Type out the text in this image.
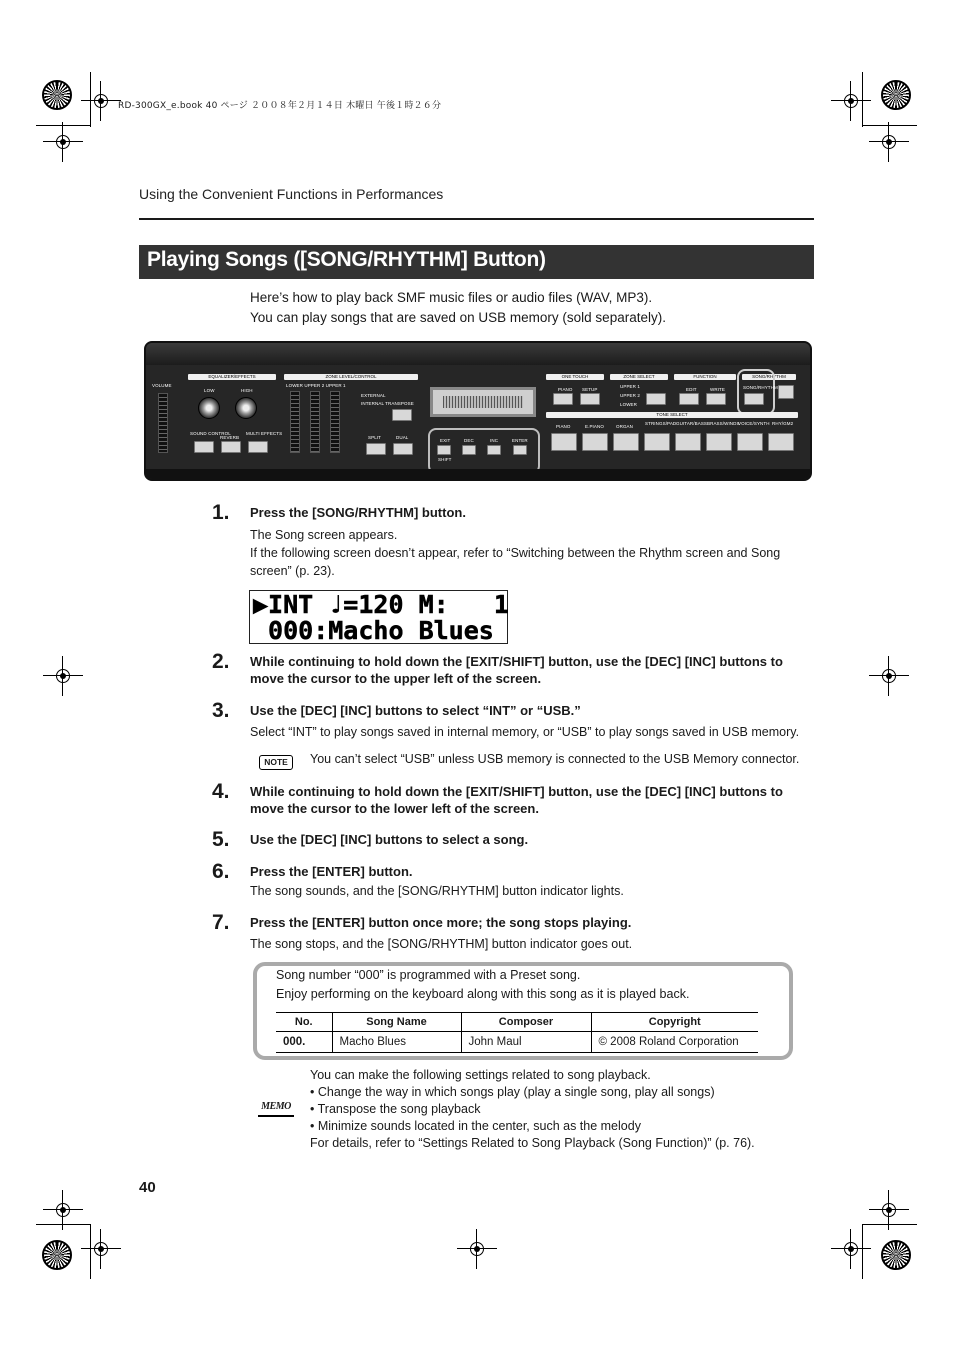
RD-300GX_e.book 40 ページ ２００８年２月１４日 木曜日 午後１時２６分
Using the Convenient Functions in Performances
Playing Songs ([SONG/RHYTHM] Button)
Here’s how to play back SMF music files or audio files (WAV, MP3).
You can play songs that are saved on USB memory (sold separately).
EQUALIZER/EFFECTS
VOLUME
LOW	HIGH
SOUND CONTROL
REVERB
MULTI EFFECTS
ZONE LEVEL/CONTROL
LOWER UPPER 2 UPPER 1
EXTERNAL
INTERNAL TRANSPOSE
SPLIT	DUAL
EXIT	DEC	INC	ENTER
SHIFT
ONE TOUCH
PIANO SETUP
ZONE SELECT
UPPER 1
UPPER 2
LOWER
FUNCTION
EDIT	WRITE
SONG/RHYTHM
SONG/RHYTHM
TONE SELECT
PIANO	E.PIANO	ORGAN
STRINGS/PAD GUITAR/BASS BRASS/WINDS
VOICE/SYNTH RHY/GM2
1. Press the [SONG/RHYTHM] button.
The Song screen appears.
If the following screen doesn’t appear, refer to “Switching between the Rhythm screen and Song screen” (p. 23).
▶INT ♩=120 M:   1
000:Macho Blues
2. While continuing to hold down the [EXIT/SHIFT] button, use the [DEC] [INC] buttons to move the cursor to the upper left of the screen.
3. Use the [DEC] [INC] buttons to select “INT” or “USB.”
Select “INT” to play songs saved in internal memory, or “USB” to play songs saved in USB memory.
NOTE	You can’t select “USB” unless USB memory is connected to the USB Memory connector.
4. While continuing to hold down the [EXIT/SHIFT] button, use the [DEC] [INC] buttons to move the cursor to the lower left of the screen.
5. Use the [DEC] [INC] buttons to select a song.
6. Press the [ENTER] button.
The song sounds, and the [SONG/RHYTHM] button indicator lights.
7. Press the [ENTER] button once more; the song stops playing.
The song stops, and the [SONG/RHYTHM] button indicator goes out.
Song number “000” is programmed with a Preset song.
Enjoy performing on the keyboard along with this song as it is played back.
No.	Song Name	Composer	Copyright
000.	Macho Blues	John Maul	© 2008 Roland Corporation
MEMO
You can make the following settings related to song playback.
• Change the way in which songs play (play a single song, play all songs)
• Transpose the song playback
• Minimize sounds located in the center, such as the melody
For details, refer to “Settings Related to Song Playback (Song Function)” (p. 76).
40
